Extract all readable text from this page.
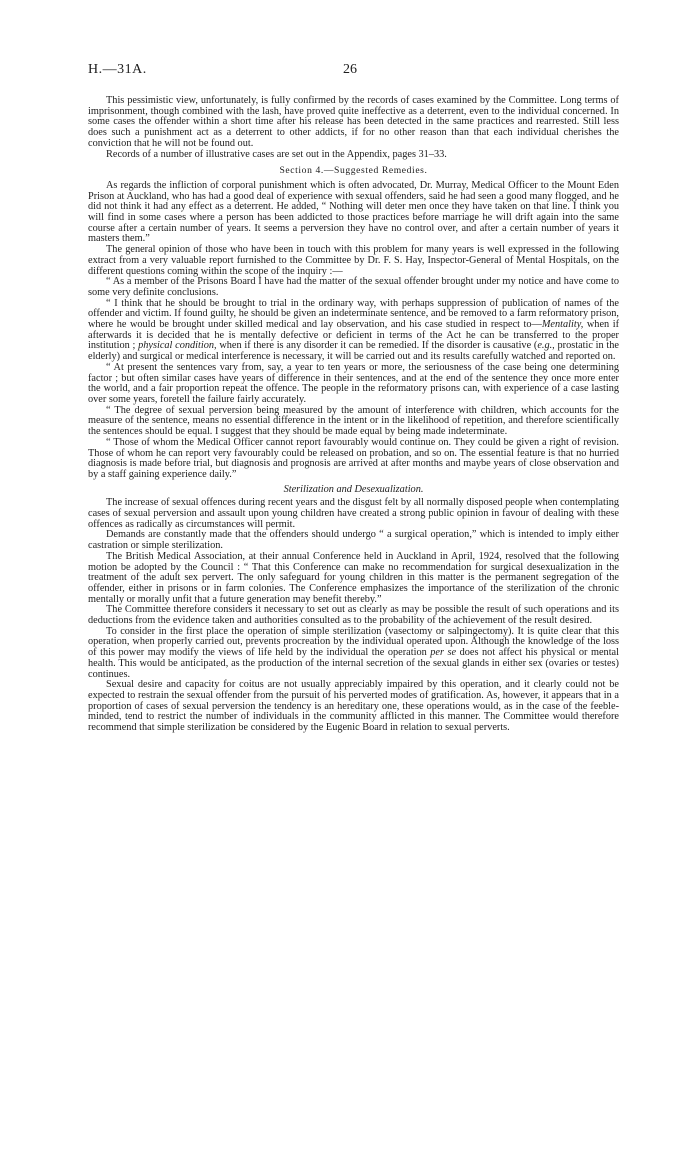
H.—31A.	26

This pessimistic view, unfortunately, is fully confirmed by the records of cases examined by the Committee. Long terms of imprisonment, though combined with the lash, have proved quite ineffective as a deterrent, even to the individual concerned. In some cases the offender within a short time after his release has been detected in the same practices and rearrested. Still less does such a punishment act as a deterrent to other addicts, if for no other reason than that each individual cherishes the conviction that he will not be found out.

Records of a number of illustrative cases are set out in the Appendix, pages 31–33.

Section 4.—Suggested Remedies.

As regards the infliction of corporal punishment which is often advocated, Dr. Murray, Medical Officer to the Mount Eden Prison at Auckland, who has had a good deal of experience with sexual offenders, said he had seen a good many flogged, and he did not think it had any effect as a deterrent. He added, “ Nothing will deter men once they have taken on that line. I think you will find in some cases where a person has been addicted to those practices before marriage he will drift again into the same course after a certain number of years. It seems a perversion they have no control over, and after a certain number of years it masters them.”

The general opinion of those who have been in touch with this problem for many years is well expressed in the following extract from a very valuable report furnished to the Committee by Dr. F. S. Hay, Inspector-General of Mental Hospitals, on the different questions coming within the scope of the inquiry :—

“ As a member of the Prisons Board I have had the matter of the sexual offender brought under my notice and have come to some very definite conclusions.

“ I think that he should be brought to trial in the ordinary way, with perhaps suppression of publication of names of the offender and victim. If found guilty, he should be given an indeterminate sentence, and be removed to a farm reformatory prison, where he would be brought under skilled medical and lay observation, and his case studied in respect to—Mentality, when if afterwards it is decided that he is mentally defective or deficient in terms of the Act he can be transferred to the proper institution ; physical condition, when if there is any disorder it can be remedied. If the disorder is causative (e.g., prostatic in the elderly) and surgical or medical interference is necessary, it will be carried out and its results carefully watched and reported on.

“ At present the sentences vary from, say, a year to ten years or more, the seriousness of the case being one determining factor ; but often similar cases have years of difference in their sentences, and at the end of the sentence they once more enter the world, and a fair proportion repeat the offence. The people in the reformatory prisons can, with experience of a case lasting over some years, foretell the failure fairly accurately.

“ The degree of sexual perversion being measured by the amount of interference with children, which accounts for the measure of the sentence, means no essential difference in the intent or in the likelihood of repetition, and therefore scientifically the sentences should be equal. I suggest that they should be made equal by being made indeterminate.

“ Those of whom the Medical Officer cannot report favourably would continue on. They could be given a right of revision. Those of whom he can report very favourably could be released on probation, and so on. The essential feature is that no hurried diagnosis is made before trial, but diagnosis and prognosis are arrived at after months and maybe years of close observation and by a staff gaining experience daily.”

Sterilization and Desexualization.

The increase of sexual offences during recent years and the disgust felt by all normally disposed people when contemplating cases of sexual perversion and assault upon young children have created a strong public opinion in favour of dealing with these offences as radically as circumstances will permit.

Demands are constantly made that the offenders should undergo “ a surgical operation,” which is intended to imply either castration or simple sterilization.

The British Medical Association, at their annual Conference held in Auckland in April, 1924, resolved that the following motion be adopted by the Council : “ That this Conference can make no recommendation for surgical desexualization in the treatment of the adult sex pervert. The only safeguard for young children in this matter is the permanent segregation of the offender, either in prisons or in farm colonies. The Conference emphasizes the importance of the sterilization of the chronic mentally or morally unfit that a future generation may benefit thereby.”

The Committee therefore considers it necessary to set out as clearly as may be possible the result of such operations and its deductions from the evidence taken and authorities consulted as to the probability of the achievement of the result desired.

To consider in the first place the operation of simple sterilization (vasectomy or salpingectomy). It is quite clear that this operation, when properly carried out, prevents procreation by the individual operated upon. Although the knowledge of the loss of this power may modify the views of life held by the individual the operation per se does not affect his physical or mental health. This would be anticipated, as the production of the internal secretion of the sexual glands in either sex (ovaries or testes) continues.

Sexual desire and capacity for coitus are not usually appreciably impaired by this operation, and it clearly could not be expected to restrain the sexual offender from the pursuit of his perverted modes of gratification. As, however, it appears that in a proportion of cases of sexual perversion the tendency is an hereditary one, these operations would, as in the case of the feeble-minded, tend to restrict the number of individuals in the community afflicted in this manner. The Committee would therefore recommend that simple sterilization be considered by the Eugenic Board in relation to sexual perverts.
